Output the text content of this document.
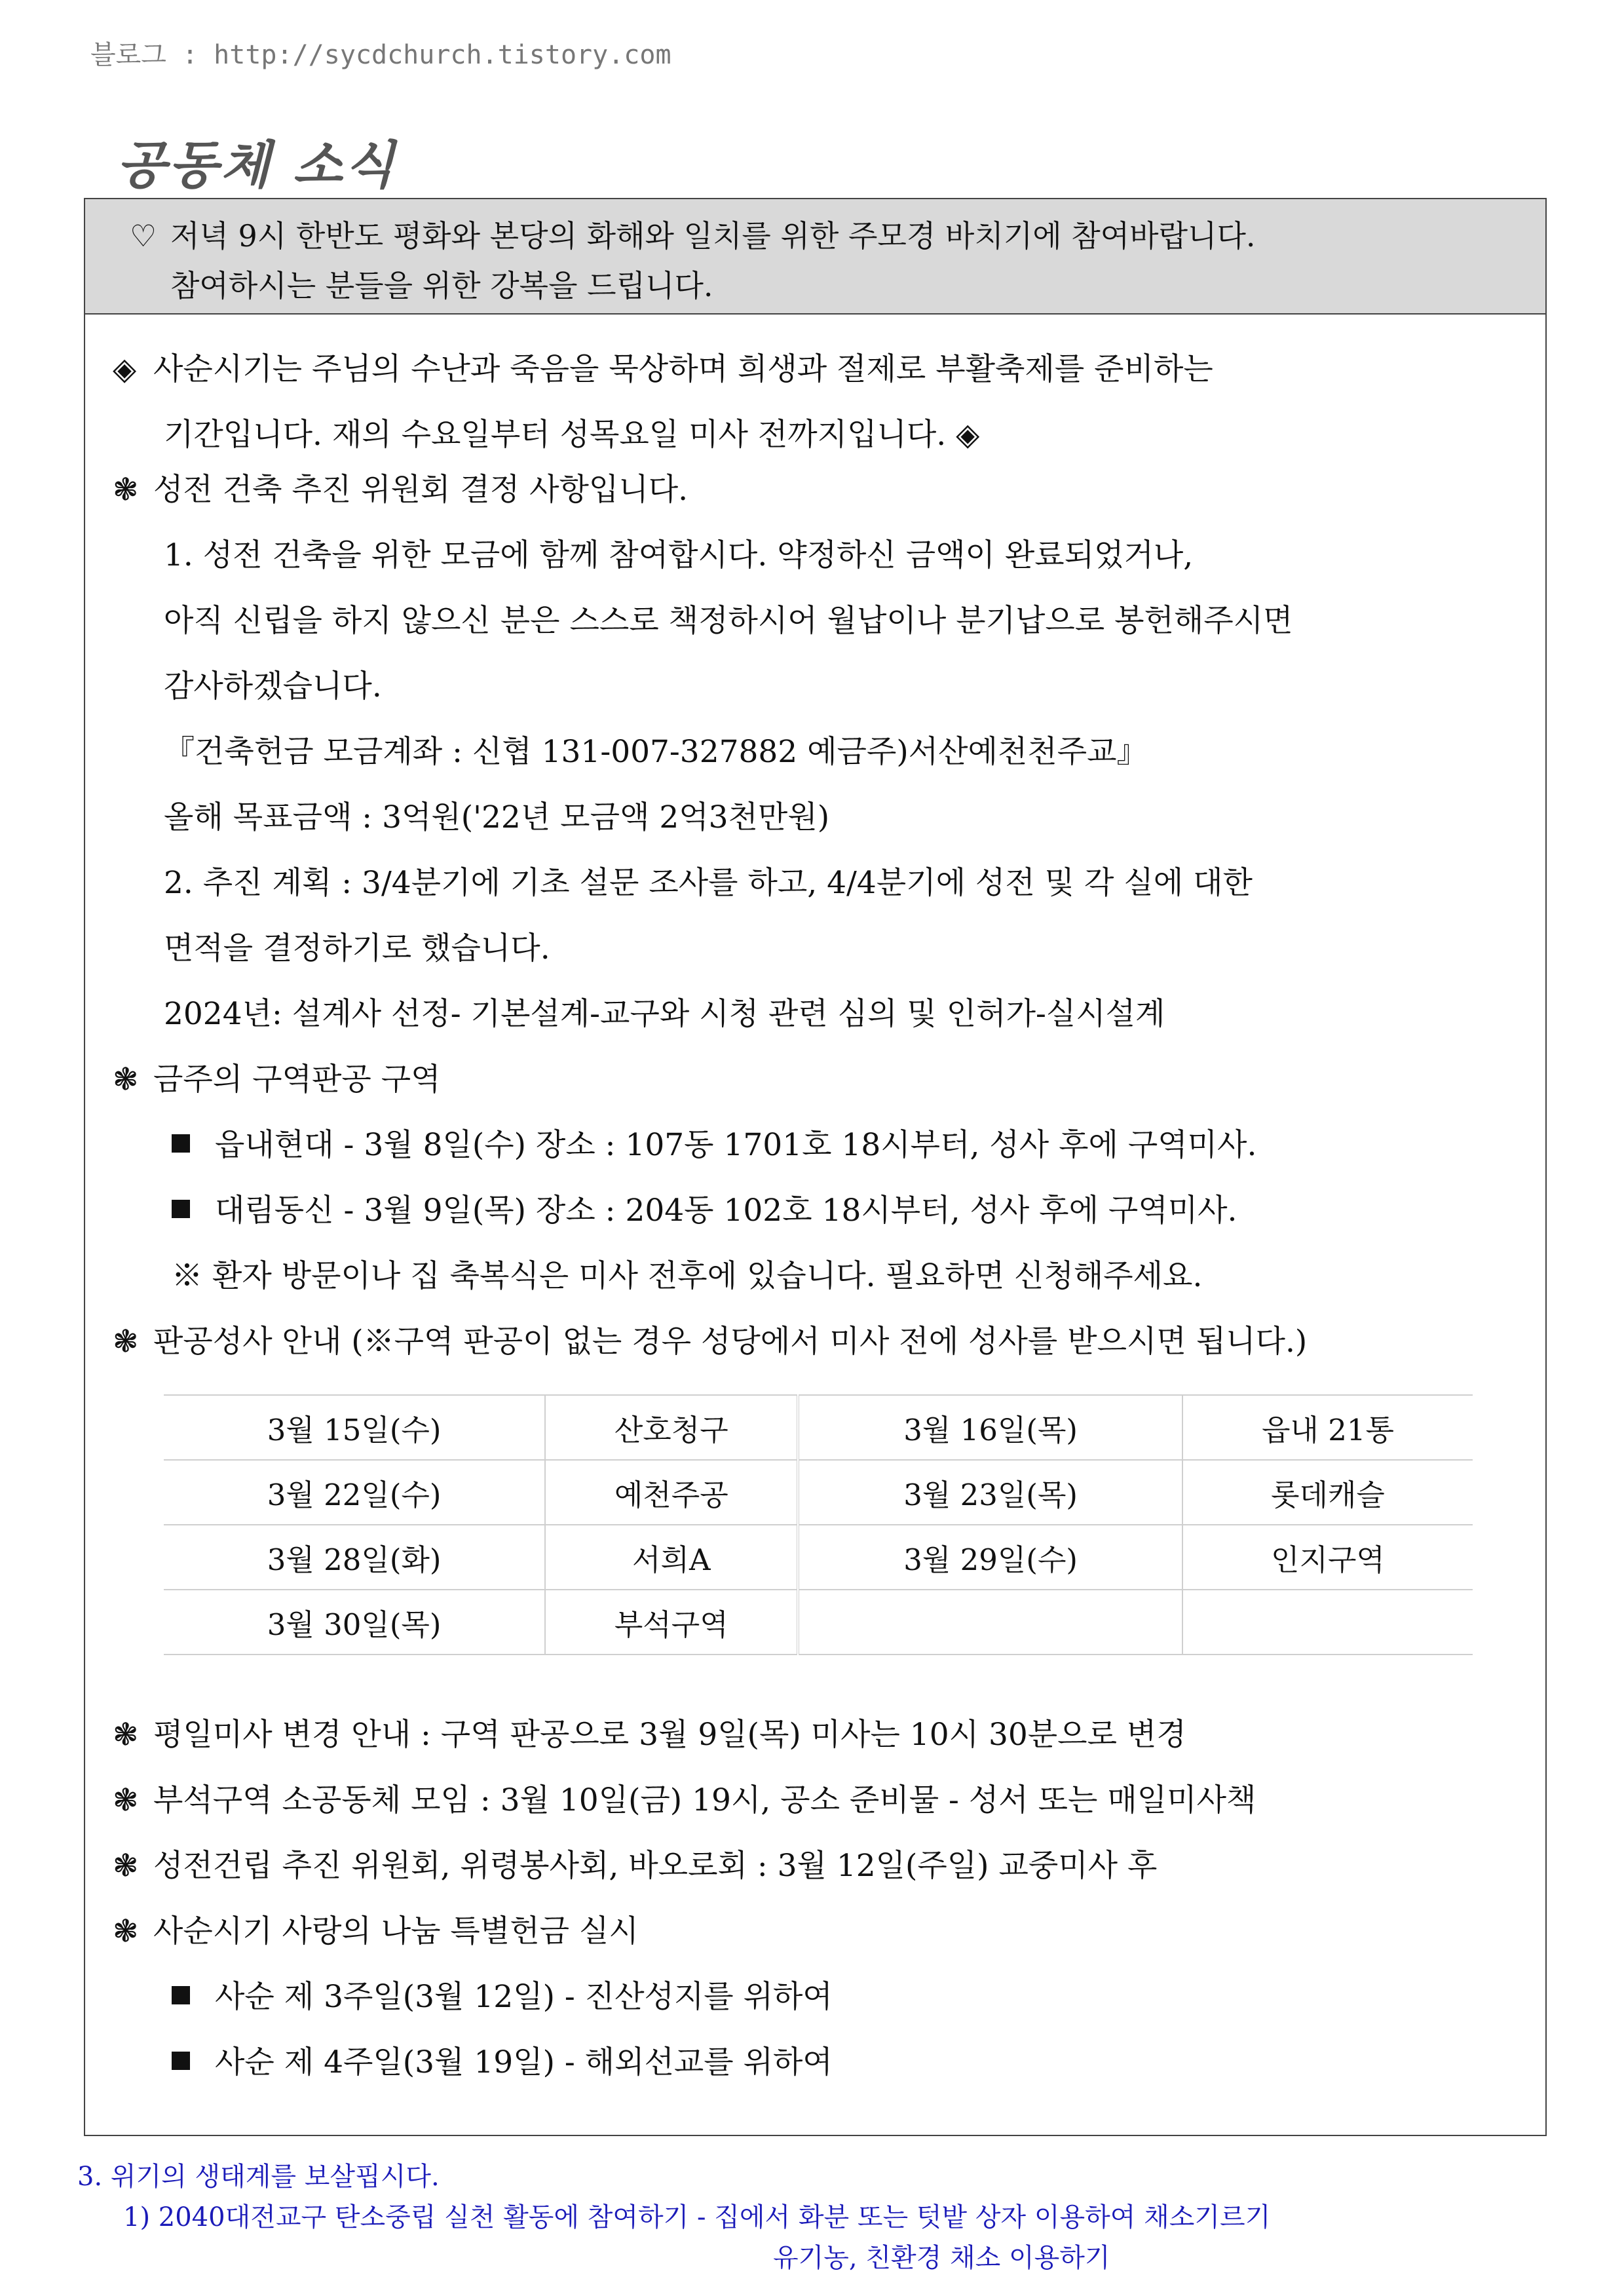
블로그 : http://sycdchurch.tistory.com
공동체 소식
♡ 저녁 9시 한반도 평화와 본당의 화해와 일치를 위한 주모경 바치기에 참여바랍니다.
참여하시는 분들을 위한 강복을 드립니다.
◈ 사순시기는 주님의 수난과 죽음을 묵상하며 희생과 절제로 부활축제를 준비하는
기간입니다. 재의 수요일부터 성목요일 미사 전까지입니다. ◈
❃ 성전 건축 추진 위원회 결정 사항입니다.
1. 성전 건축을 위한 모금에 함께 참여합시다. 약정하신 금액이 완료되었거나,
아직 신립을 하지 않으신 분은 스스로 책정하시어 월납이나 분기납으로 봉헌해주시면
감사하겠습니다.
『건축헌금 모금계좌 : 신협 131-007-327882 예금주)서산예천천주교』
올해 목표금액 : 3억원('22년 모금액 2억3천만원)
2. 추진 계획 : 3/4분기에 기초 설문 조사를 하고, 4/4분기에 성전 및 각 실에 대한
면적을 결정하기로 했습니다.
2024년: 설계사 선정- 기본설계-교구와 시청 관련 심의 및 인허가-실시설계
❃ 금주의 구역판공 구역
읍내현대 - 3월 8일(수) 장소 : 107동 1701호 18시부터, 성사 후에 구역미사.
대림동신 - 3월 9일(목) 장소 : 204동 102호 18시부터, 성사 후에 구역미사.
※ 환자 방문이나 집 축복식은 미사 전후에 있습니다. 필요하면 신청해주세요.
❃ 판공성사 안내 (※구역 판공이 없는 경우 성당에서 미사 전에 성사를 받으시면 됩니다.)
❃ 평일미사 변경 안내 : 구역 판공으로 3월 9일(목) 미사는 10시 30분으로 변경
❃ 부석구역 소공동체 모임 : 3월 10일(금) 19시, 공소 준비물 - 성서 또는 매일미사책
❃ 성전건립 추진 위원회, 위령봉사회, 바오로회 : 3월 12일(주일) 교중미사 후
❃ 사순시기 사랑의 나눔 특별헌금 실시
사순 제 3주일(3월 12일) - 진산성지를 위하여
사순 제 4주일(3월 19일) - 해외선교를 위하여
3월 15일(수)	산호청구	3월 16일(목)	읍내 21통
3월 22일(수)	예천주공	3월 23일(목)	롯데캐슬
3월 28일(화)	서희A	3월 29일(수)	인지구역
3월 30일(목)	부석구역		
3. 위기의 생태계를 보살핍시다.
1) 2040대전교구 탄소중립 실천 활동에 참여하기 - 집에서 화분 또는 텃밭 상자 이용하여 채소기르기
유기농, 친환경 채소 이용하기
